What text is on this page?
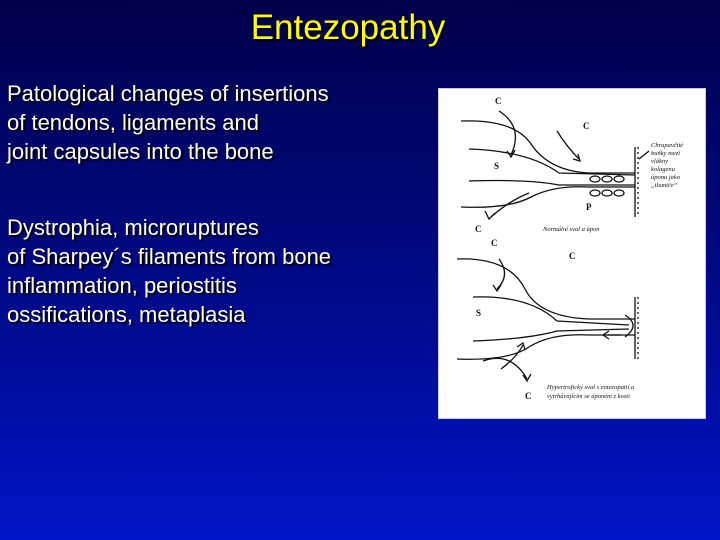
Entezopathy
Patological changes of insertions
of tendons, ligaments and
joint capsules into the bone
Dystrophia, microruptures
of Sharpey´s filaments from bone
inflammation, periostitis
ossifications, metaplasia
C
C
S
P
C
C
C
S
C
Chrupavčité
buňky mezi
vlákny
kolagenu
úponu jako
„tlumiče“
Normální sval a úpon
Hypertrofický sval s entezopatií a
vytrhávajícím se úponem z kosti
